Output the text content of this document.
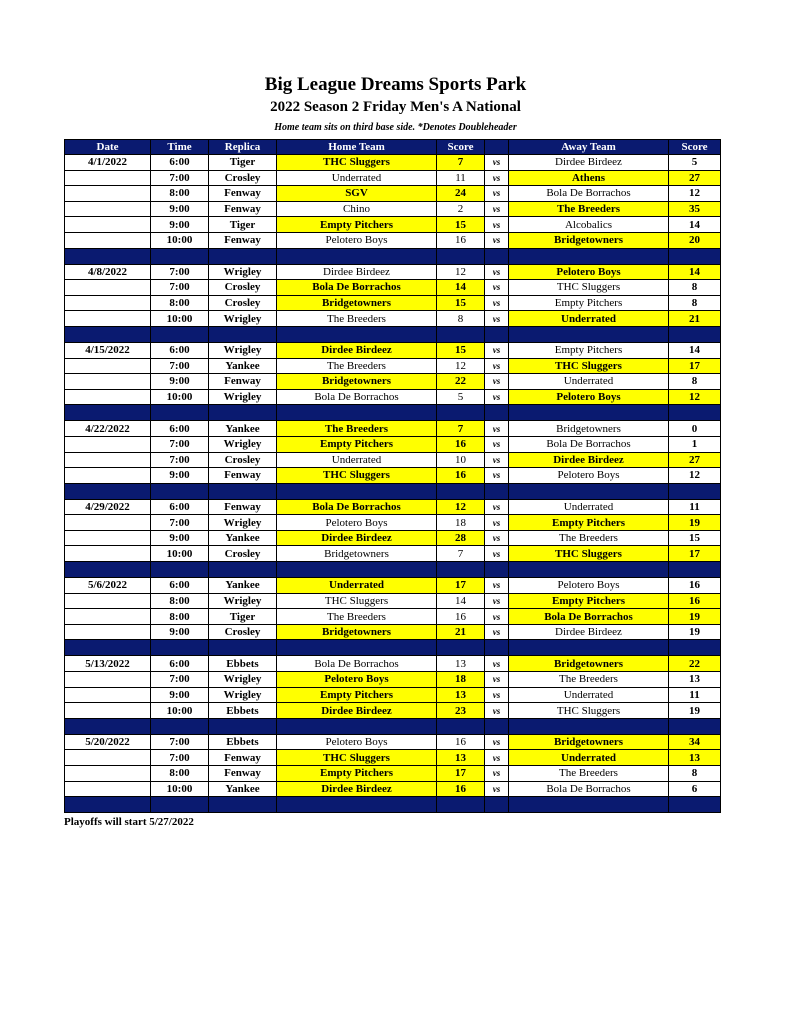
Big League Dreams Sports Park
2022 Season 2 Friday Men's A National
Home team sits on third base side. *Denotes Doubleheader
Date	Time	Replica	Home Team	Score		Away Team	Score
4/1/2022	6:00	Tiger	THC Sluggers	7	vs	Dirdee Birdeez	5
	7:00	Crosley	Underrated	11	vs	Athens	27
	8:00	Fenway	SGV	24	vs	Bola De Borrachos	12
	9:00	Fenway	Chino	2	vs	The Breeders	35
	9:00	Tiger	Empty Pitchers	15	vs	Alcobalics	14
	10:00	Fenway	Pelotero Boys	16	vs	Bridgetowners	20

4/8/2022	7:00	Wrigley	Dirdee Birdeez	12	vs	Pelotero Boys	14
	7:00	Crosley	Bola De Borrachos	14	vs	THC Sluggers	8
	8:00	Crosley	Bridgetowners	15	vs	Empty Pitchers	8
	10:00	Wrigley	The Breeders	8	vs	Underrated	21

4/15/2022	6:00	Wrigley	Dirdee Birdeez	15	vs	Empty Pitchers	14
	7:00	Yankee	The Breeders	12	vs	THC Sluggers	17
	9:00	Fenway	Bridgetowners	22	vs	Underrated	8
	10:00	Wrigley	Bola De Borrachos	5	vs	Pelotero Boys	12

4/22/2022	6:00	Yankee	The Breeders	7	vs	Bridgetowners	0
	7:00	Wrigley	Empty Pitchers	16	vs	Bola De Borrachos	1
	7:00	Crosley	Underrated	10	vs	Dirdee Birdeez	27
	9:00	Fenway	THC Sluggers	16	vs	Pelotero Boys	12

4/29/2022	6:00	Fenway	Bola De Borrachos	12	vs	Underrated	11
	7:00	Wrigley	Pelotero Boys	18	vs	Empty Pitchers	19
	9:00	Yankee	Dirdee Birdeez	28	vs	The Breeders	15
	10:00	Crosley	Bridgetowners	7	vs	THC Sluggers	17

5/6/2022	6:00	Yankee	Underrated	17	vs	Pelotero Boys	16
	8:00	Wrigley	THC Sluggers	14	vs	Empty Pitchers	16
	8:00	Tiger	The Breeders	16	vs	Bola De Borrachos	19
	9:00	Crosley	Bridgetowners	21	vs	Dirdee Birdeez	19

5/13/2022	6:00	Ebbets	Bola De Borrachos	13	vs	Bridgetowners	22
	7:00	Wrigley	Pelotero Boys	18	vs	The Breeders	13
	9:00	Wrigley	Empty Pitchers	13	vs	Underrated	11
	10:00	Ebbets	Dirdee Birdeez	23	vs	THC Sluggers	19

5/20/2022	7:00	Ebbets	Pelotero Boys	16	vs	Bridgetowners	34
	7:00	Fenway	THC Sluggers	13	vs	Underrated	13
	8:00	Fenway	Empty Pitchers	17	vs	The Breeders	8
	10:00	Yankee	Dirdee Birdeez	16	vs	Bola De Borrachos	6

Playoffs will start 5/27/2022
